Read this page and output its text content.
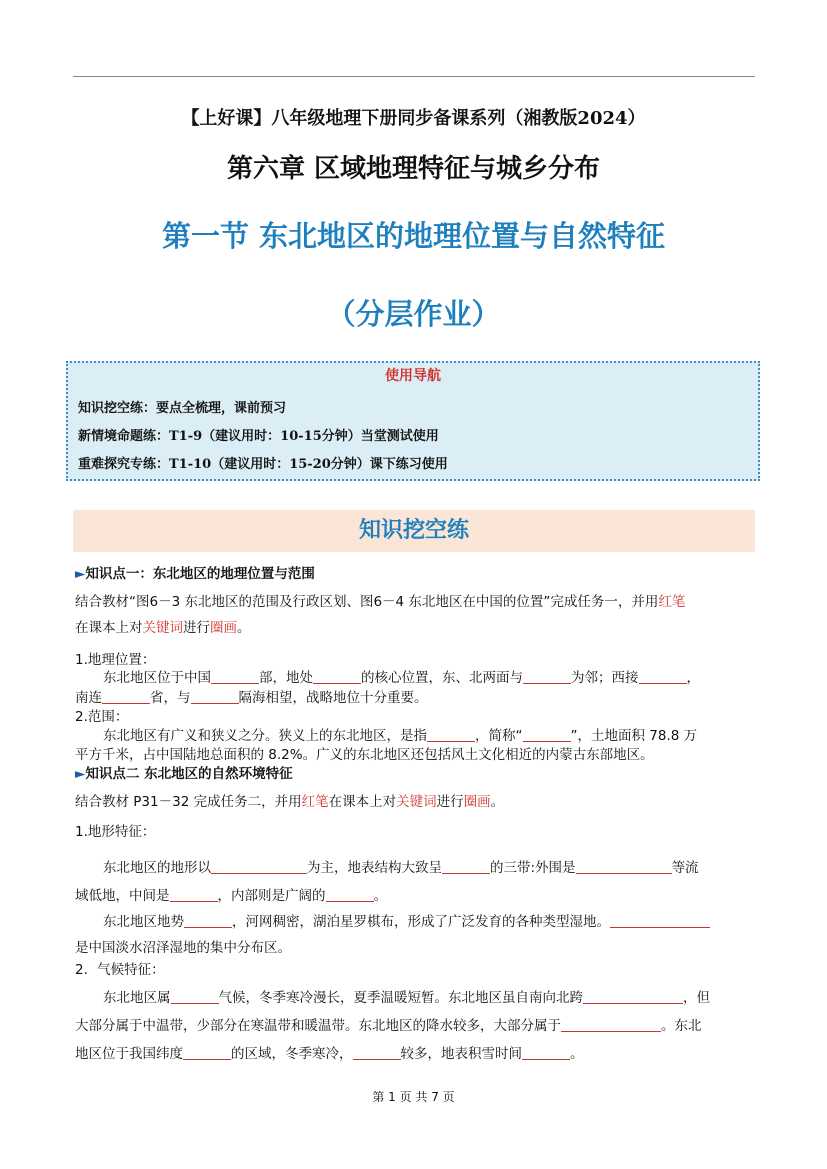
【上好课】八年级地理下册同步备课系列（湘教版2024）
第六章 区域地理特征与城乡分布
第一节 东北地区的地理位置与自然特征
（分层作业）
使用导航
知识挖空练：要点全梳理，课前预习
新情境命题练：T1-9（建议用时：10-15分钟）当堂测试使用
重难探究专练：T1-10（建议用时：15-20分钟）课下练习使用
知识挖空练
►知识点一：东北地区的地理位置与范围
结合教材“图6－3 东北地区的范围及行政区划、图6－4 东北地区在中国的位置”完成任务一，并用红笔
在课本上对关键词进行圈画。
1.地理位置：
东北地区位于中国	部，地处	的核心位置，东、北两面与	为邻；西接	，
南连	省，与	隔海相望，战略地位十分重要。
2.范围：
东北地区有广义和狭义之分。狭义上的东北地区，是指	，简称“	”，土地面积 78.8 万
平方千米，占中国陆地总面积的 8.2%。广义的东北地区还包括风土文化相近的内蒙古东部地区。
►知识点二 东北地区的自然环境特征
结合教材 P31－32 完成任务二，并用红笔在课本上对关键词进行圈画。
1.地形特征：
东北地区的地形以	为主，地表结构大致呈	的三带:外围是	等流
域低地，中间是	，内部则是广阔的	。
东北地区地势	，河网稠密，湖泊星罗棋布，形成了广泛发育的各种类型湿地。
是中国淡水沼泽湿地的集中分布区。
2．气候特征：
东北地区属	气候，冬季寒冷漫长，夏季温暖短暂。东北地区虽自南向北跨	，但
大部分属于中温带，少部分在寒温带和暖温带。东北地区的降水较多，大部分属于	。东北
地区位于我国纬度	的区域，冬季寒冷，	较多，地表积雪时间	。
第 1 页 共 7 页
